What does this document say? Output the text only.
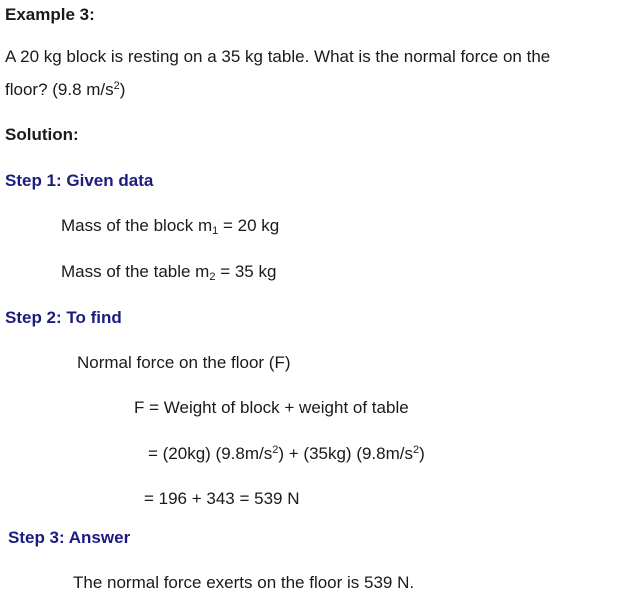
Example 3:
A 20 kg block is resting on a 35 kg table. What is the normal force on the
floor? (9.8 $m/s^2$)
Solution:
Step 1: Given data
Mass of the block $m_1 = 20$ kg
Mass of the table $m_2 = 35$ kg
Step 2: To find
Normal force on the floor (F)
F = Weight of block + weight of table
= (20kg) $(9.8m/s^2) + (35kg)$ $(9.8m/s^2)$
= 196 + 343 = 539 N
Step 3: Answer
The normal force exerts on the floor is 539 N.
